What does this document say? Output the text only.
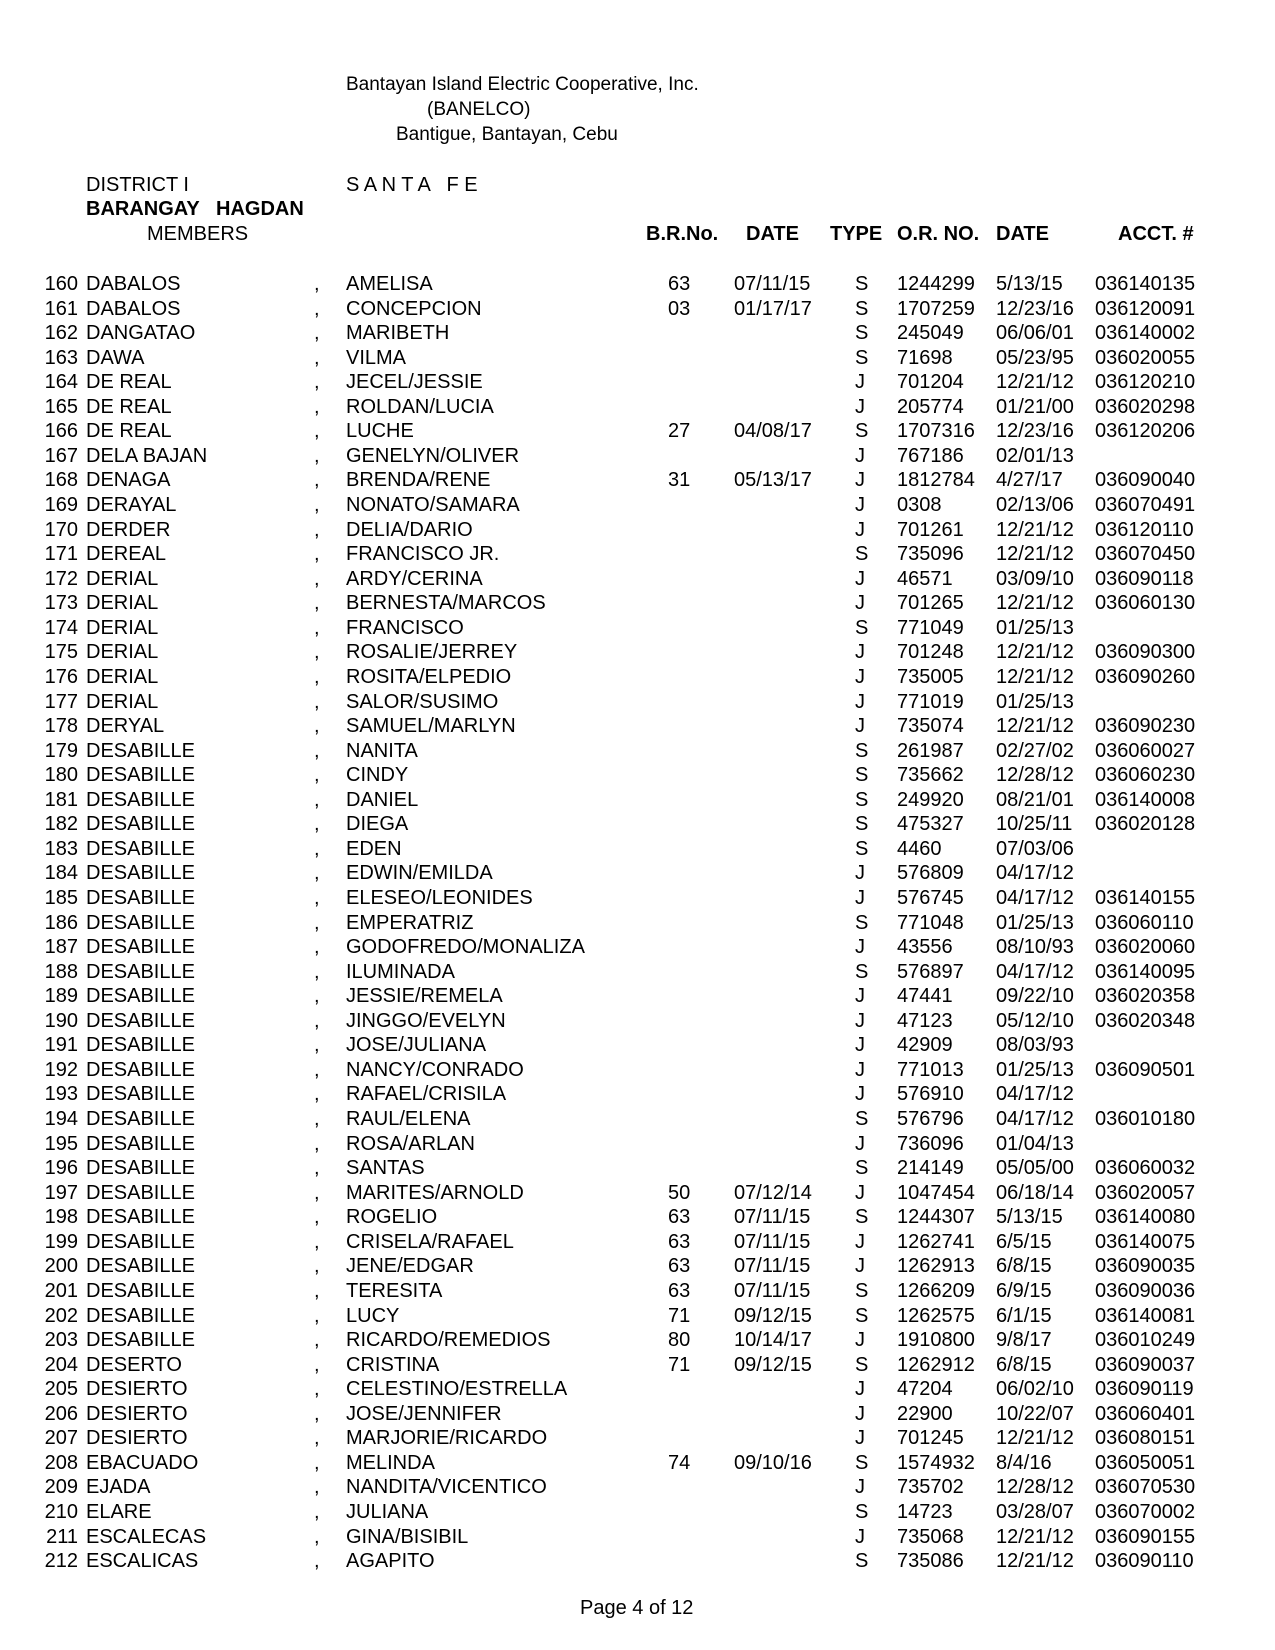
Bantayan Island Electric Cooperative, Inc.
(BANELCO)
Bantigue, Bantayan, Cebu
DISTRICT I	S A N T A   F E
BARANGAY   HAGDAN
MEMBERS	B.R.No. DATE TYPE O.R. NO. DATE	ACCT. #
160 DABALOS	, AMELISA	63 07/11/15 S 1244299 5/13/15 036140135
161 DABALOS	, CONCEPCION	03 01/17/17 S 1707259 12/23/16 036120091
162 DANGATAO	, MARIBETH	S 245049 06/06/01 036140002
163 DAWA	, VILMA	S 71698 05/23/95 036020055
164 DE REAL	, JECEL/JESSIE	J 701204 12/21/12 036120210
165 DE REAL	, ROLDAN/LUCIA	J 205774 01/21/00 036020298
166 DE REAL	, LUCHE	27 04/08/17 S 1707316 12/23/16 036120206
167 DELA BAJAN	, GENELYN/OLIVER	J 767186 02/01/13
168 DENAGA	, BRENDA/RENE	31 05/13/17 J 1812784 4/27/17 036090040
169 DERAYAL	, NONATO/SAMARA	J 0308	02/13/06 036070491
170 DERDER	, DELIA/DARIO	J 701261 12/21/12 036120110
171 DEREAL	, FRANCISCO JR.	S 735096 12/21/12 036070450
172 DERIAL	, ARDY/CERINA	J 46571 03/09/10 036090118
173 DERIAL	, BERNESTA/MARCOS	J 701265 12/21/12 036060130
174 DERIAL	, FRANCISCO	S 771049 01/25/13
175 DERIAL	, ROSALIE/JERREY	J 701248 12/21/12 036090300
176 DERIAL	, ROSITA/ELPEDIO	J 735005 12/21/12 036090260
177 DERIAL	, SALOR/SUSIMO	J 771019 01/25/13
178 DERYAL	, SAMUEL/MARLYN	J 735074 12/21/12 036090230
179 DESABILLE	, NANITA	S 261987 02/27/02 036060027
180 DESABILLE	, CINDY	S 735662 12/28/12 036060230
181 DESABILLE	, DANIEL	S 249920 08/21/01 036140008
182 DESABILLE	, DIEGA	S 475327 10/25/11 036020128
183 DESABILLE	, EDEN	S 4460	07/03/06
184 DESABILLE	, EDWIN/EMILDA	J 576809 04/17/12
185 DESABILLE	, ELESEO/LEONIDES	J 576745 04/17/12 036140155
186 DESABILLE	, EMPERATRIZ	S 771048 01/25/13 036060110
187 DESABILLE	, GODOFREDO/MONALIZA	J 43556 08/10/93 036020060
188 DESABILLE	, ILUMINADA	S 576897 04/17/12 036140095
189 DESABILLE	, JESSIE/REMELA	J 47441 09/22/10 036020358
190 DESABILLE	, JINGGO/EVELYN	J 47123 05/12/10 036020348
191 DESABILLE	, JOSE/JULIANA	J 42909 08/03/93
192 DESABILLE	, NANCY/CONRADO	J 771013 01/25/13 036090501
193 DESABILLE	, RAFAEL/CRISILA	J 576910 04/17/12
194 DESABILLE	, RAUL/ELENA	S 576796 04/17/12 036010180
195 DESABILLE	, ROSA/ARLAN	J 736096 01/04/13
196 DESABILLE	, SANTAS	S 214149 05/05/00 036060032
197 DESABILLE	, MARITES/ARNOLD	50 07/12/14 J 1047454 06/18/14 036020057
198 DESABILLE	, ROGELIO	63 07/11/15 S 1244307 5/13/15 036140080
199 DESABILLE	, CRISELA/RAFAEL	63 07/11/15 J 1262741 6/5/15 036140075
200 DESABILLE	, JENE/EDGAR	63 07/11/15 J 1262913 6/8/15 036090035
201 DESABILLE	, TERESITA	63 07/11/15 S 1266209 6/9/15 036090036
202 DESABILLE	, LUCY	71 09/12/15 S 1262575 6/1/15 036140081
203 DESABILLE	, RICARDO/REMEDIOS	80 10/14/17 J 1910800 9/8/17 036010249
204 DESERTO	, CRISTINA	71 09/12/15 S 1262912 6/8/15 036090037
205 DESIERTO	, CELESTINO/ESTRELLA	J 47204 06/02/10 036090119
206 DESIERTO	, JOSE/JENNIFER	J 22900 10/22/07 036060401
207 DESIERTO	, MARJORIE/RICARDO	J 701245 12/21/12 036080151
208 EBACUADO	, MELINDA	74 09/10/16 S 1574932 8/4/16 036050051
209 EJADA	, NANDITA/VICENTICO	J 735702 12/28/12 036070530
210 ELARE	, JULIANA	S 14723 03/28/07 036070002
211 ESCALECAS	, GINA/BISIBIL	J 735068 12/21/12 036090155
212 ESCALICAS	, AGAPITO	S 735086 12/21/12 036090110
Page 4 of 12
